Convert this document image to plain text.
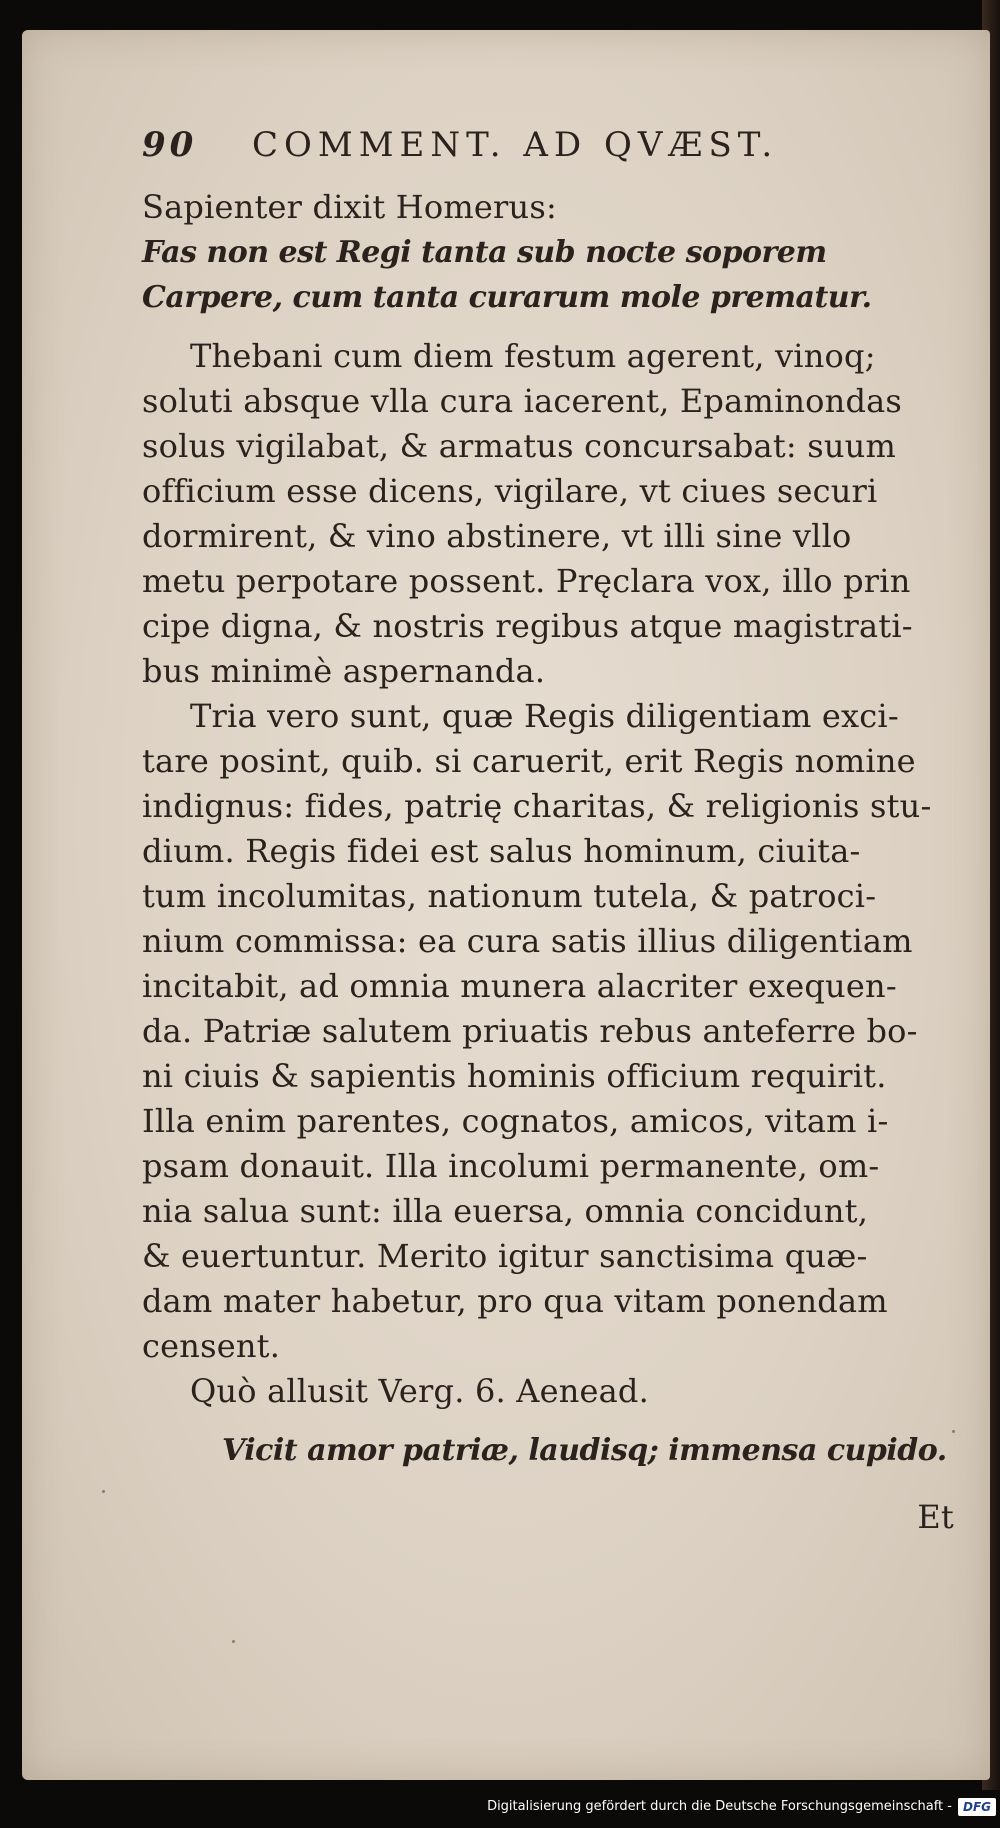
90	COMMENT. AD QVÆST.
Sapienter dixit Homerus:
Fas non est Regi tanta sub nocte soporem
Carpere, cum tanta curarum mole prematur.
Thebani cum diem festum agerent, vinoq;
soluti absque vlla cura iacerent, Epaminondas
solus vigilabat, & armatus concursabat: suum
officium esse dicens, vigilare, vt ciues securi
dormirent, & vino abstinere, vt illi sine vllo
metu perpotare possent. Pręclara vox, illo prin
cipe digna, & nostris regibus atque magistrati-
bus minimè aspernanda.
Tria vero sunt, quæ Regis diligentiam exci-
tare posint, quib. si caruerit, erit Regis nomine
indignus: fides, patrię charitas, & religionis stu-
dium. Regis fidei est salus hominum, ciuita-
tum incolumitas, nationum tutela, & patroci-
nium commissa: ea cura satis illius diligentiam
incitabit, ad omnia munera alacriter exequen-
da. Patriæ salutem priuatis rebus anteferre bo-
ni ciuis & sapientis hominis officium requirit.
Illa enim parentes, cognatos, amicos, vitam i-
psam donauit. Illa incolumi permanente, om-
nia salua sunt: illa euersa, omnia concidunt,
& euertuntur. Merito igitur sanctisima quæ-
dam mater habetur, pro qua vitam ponendam
censent.
Quò allusit Verg. 6. Aenead.
Vicit amor patriæ, laudisq; immensa cupido.
Et
Digitalisierung gefördert durch die Deutsche Forschungsgemeinschaft - DFG
